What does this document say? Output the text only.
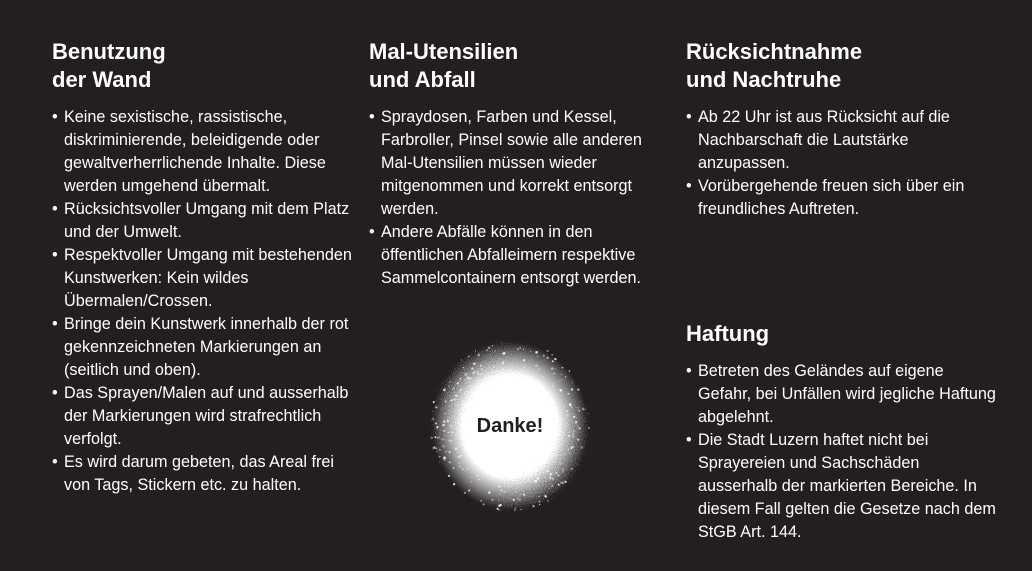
Benutzung
der Wand
• Keine sexistische, rassistische, diskriminierende, beleidigende oder gewaltverherrlichende Inhalte. Diese werden umgehend übermalt.
• Rücksichtsvoller Umgang mit dem Platz und der Umwelt.
• Respektvoller Umgang mit bestehenden Kunstwerken: Kein wildes Übermalen/Crossen.
• Bringe dein Kunstwerk innerhalb der rot gekennzeichneten Markierungen an (seitlich und oben).
• Das Sprayen/Malen auf und ausserhalb der Markierungen wird strafrechtlich verfolgt.
• Es wird darum gebeten, das Areal frei von Tags, Stickern etc. zu halten.
Mal-Utensilien
und Abfall
• Spraydosen, Farben und Kessel, Farbroller, Pinsel sowie alle anderen Mal-Utensilien müssen wieder mitgenommen und korrekt entsorgt werden.
• Andere Abfälle können in den öffentlichen Abfalleimern respektive Sammelcontainern entsorgt werden.
Rücksichtnahme
und Nachtruhe
• Ab 22 Uhr ist aus Rücksicht auf die Nachbarschaft die Lautstärke anzupassen.
• Vorübergehende freuen sich über ein freundliches Auftreten.
Haftung
• Betreten des Geländes auf eigene Gefahr, bei Unfällen wird jegliche Haftung abgelehnt.
• Die Stadt Luzern haftet nicht bei Sprayereien und Sachschäden ausserhalb der markierten Bereiche. In diesem Fall gelten die Gesetze nach dem StGB Art. 144.
Danke!
